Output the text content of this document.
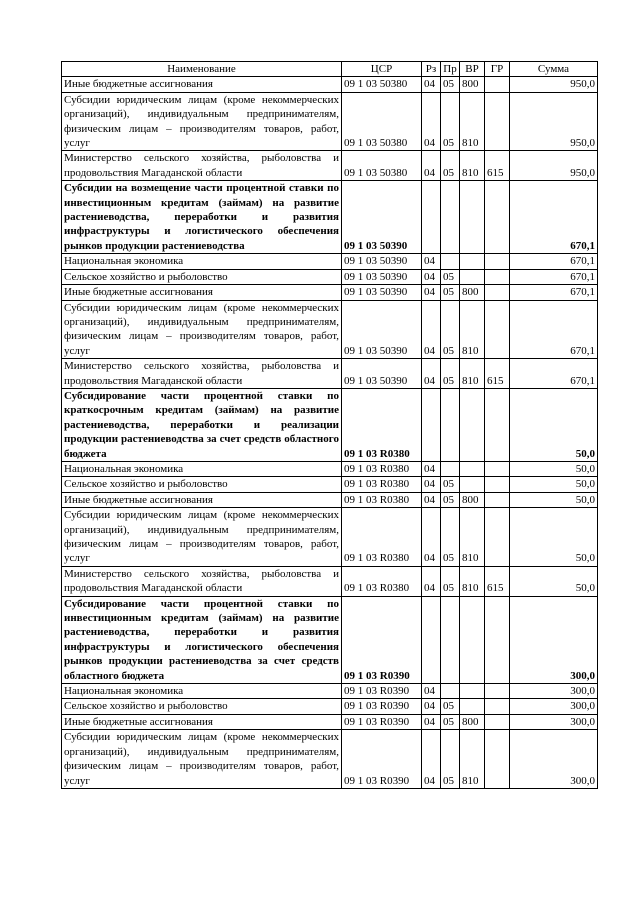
Наименование	ЦСР	Рз	Пр	ВР	ГР	Сумма
Иные бюджетные ассигнования	09 1 03 50380	04	05	800		950,0
Субсидии юридическим лицам (кроме некоммерческих организаций), индивидуальным предпринимателям, физическим лицам – производителям товаров, работ, услуг	09 1 03 50380	04	05	810		950,0
Министерство сельского хозяйства, рыболовства и продовольствия Магаданской области	09 1 03 50380	04	05	810	615	950,0
Субсидии на возмещение части процентной ставки по инвестиционным кредитам (займам) на развитие растениеводства, переработки и развития инфраструктуры и логистического обеспечения рынков продукции растениеводства	09 1 03 50390					670,1
Национальная экономика	09 1 03 50390	04				670,1
Сельское хозяйство и рыболовство	09 1 03 50390	04	05			670,1
Иные бюджетные ассигнования	09 1 03 50390	04	05	800		670,1
Субсидии юридическим лицам (кроме некоммерческих организаций), индивидуальным предпринимателям, физическим лицам – производителям товаров, работ, услуг	09 1 03 50390	04	05	810		670,1
Министерство сельского хозяйства, рыболовства и продовольствия Магаданской области	09 1 03 50390	04	05	810	615	670,1
Субсидирование части процентной ставки по краткосрочным кредитам (займам) на развитие растениеводства, переработки и реализации продукции растениеводства за счет средств областного бюджета	09 1 03 R0380					50,0
Национальная экономика	09 1 03 R0380	04				50,0
Сельское хозяйство и рыболовство	09 1 03 R0380	04	05			50,0
Иные бюджетные ассигнования	09 1 03 R0380	04	05	800		50,0
Субсидии юридическим лицам (кроме некоммерческих организаций), индивидуальным предпринимателям, физическим лицам – производителям товаров, работ, услуг	09 1 03 R0380	04	05	810		50,0
Министерство сельского хозяйства, рыболовства и продовольствия Магаданской области	09 1 03 R0380	04	05	810	615	50,0
Субсидирование части процентной ставки по инвестиционным кредитам (займам) на развитие растениеводства, переработки и развития инфраструктуры и логистического обеспечения рынков продукции растениеводства за счет средств областного бюджета	09 1 03 R0390					300,0
Национальная экономика	09 1 03 R0390	04				300,0
Сельское хозяйство и рыболовство	09 1 03 R0390	04	05			300,0
Иные бюджетные ассигнования	09 1 03 R0390	04	05	800		300,0
Субсидии юридическим лицам (кроме некоммерческих организаций), индивидуальным предпринимателям, физическим лицам – производителям товаров, работ, услуг	09 1 03 R0390	04	05	810		300,0
